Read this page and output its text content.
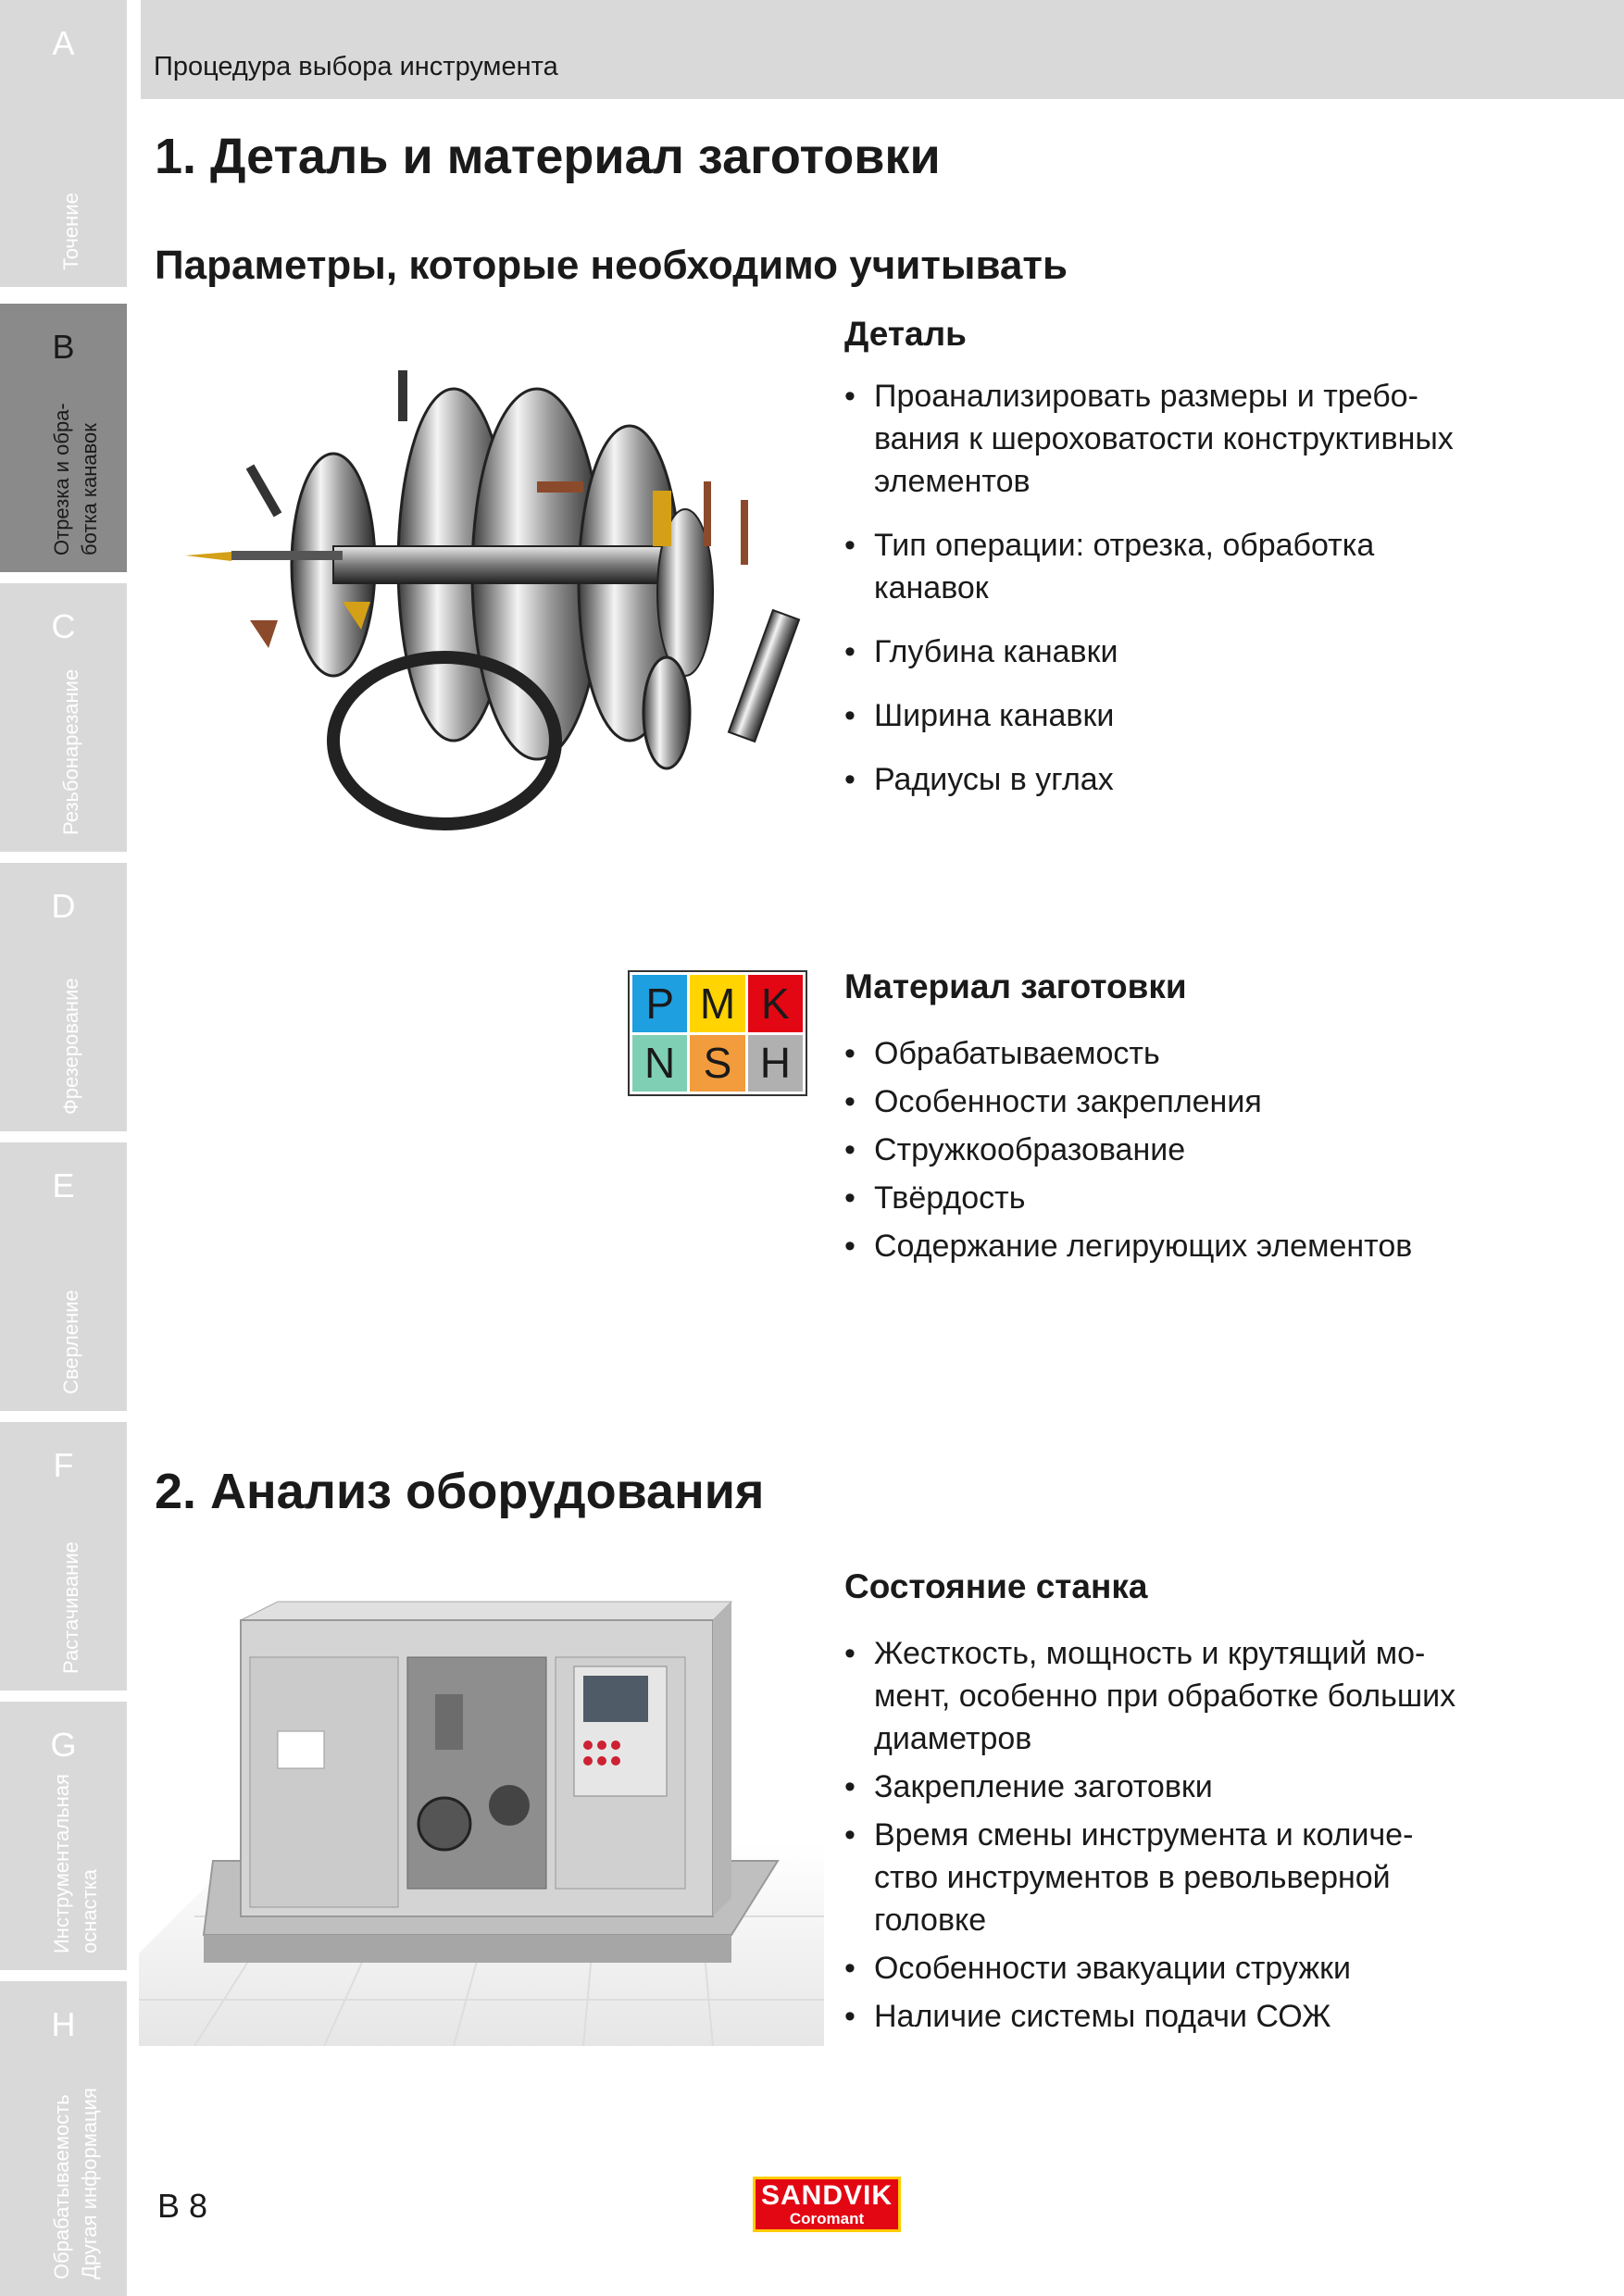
A
Точение
B
Отрезка и обра- ботка канавок
C
Резьбонарезание
D
Фрезерование
E
Сверление
F
Растачивание
G
Инструментальная оснастка
H
Обрабатываемость Другая информация
Процедура выбора инструмента
1. Деталь и материал заготовки
Параметры, которые необходимо учитывать
Деталь
• Проанализировать размеры и требо-
вания к шероховатости конструктивных
элементов
• Тип операции: отрезка, обработка
канавок
• Глубина канавки
• Ширина канавки
• Радиусы в углах
P M K
N S H
Материал заготовки
• Обрабатываемость
• Особенности закрепления
• Стружкообразование
• Твёрдость
• Содержание легирующих элементов
2. Анализ оборудования
Состояние станка
• Жесткость, мощность и крутящий мо-
мент, особенно при обработке больших
диаметров
• Закрепление заготовки
• Время смены инструмента и количе-
ство инструментов в револьверной
головке
• Особенности эвакуации стружки
• Наличие системы подачи СОЖ
B 8	SANDVIK
Coromant
